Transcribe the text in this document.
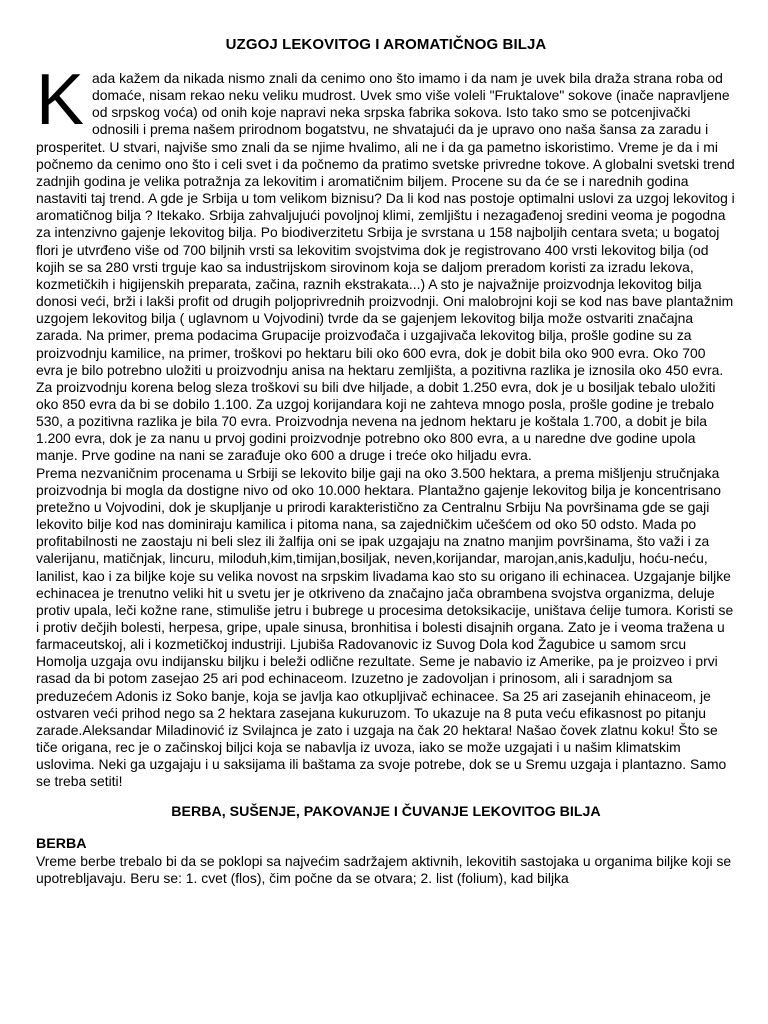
UZGOJ LEKOVITOG I AROMATIČNOG BILJA

Kada kažem da nikada nismo znali da cenimo ono što imamo i da nam je uvek bila draža strana roba od domaće, nisam rekao neku veliku mudrost. Uvek smo više voleli "Fruktalove" sokove (inače napravljene od srpskog voća) od onih koje napravi neka srpska fabrika sokova. Isto tako smo se potcenjivački odnosili i prema našem prirodnom bogatstvu, ne shvatajući da je upravo ono naša šansa za zaradu i prosperitet. U stvari, najviše smo znali da se njime hvalimo, ali ne i da ga pametno iskoristimo. Vreme je da i mi počnemo da cenimo ono što i celi svet i da počnemo da pratimo svetske privredne tokove. A globalni svetski trend zadnjih godina je velika potražnja za lekovitim i aromatičnim biljem. Procene su da će se i narednih godina nastaviti taj trend. A gde je Srbija u tom velikom biznisu? Da li kod nas postoje optimalni uslovi za uzgoj lekovitog i aromatičnog bilja ? Itekako. Srbija zahvaljujući povoljnoj klimi, zemljištu i nezagađenoj sredini veoma je pogodna za intenzivno gajenje lekovitog bilja. Po biodiverzitetu Srbija je svrstana u 158 najboljih centara sveta; u bogatoj flori je utvrđeno više od 700 biljnih vrsti sa lekovitim svojstvima dok je registrovano 400 vrsti lekovitog bilja (od kojih se sa 280 vrsti trguje kao sa industrijskom sirovinom koja se daljom preradom koristi za izradu lekova, kozmetičkih i higijenskih preparata, začina, raznih ekstrakata...) A sto je najvažnije proizvodnja lekovitog bilja donosi veći, brži i lakši profit od drugih poljoprivrednih proizvodnji. Oni malobrojni koji se kod nas bave plantažnim uzgojem lekovitog bilja ( uglavnom u Vojvodini) tvrde da se gajenjem lekovitog bilja može ostvariti značajna zarada. Na primer, prema podacima Grupacije proizvođača i uzgajivača lekovitog bilja, prošle godine su za proizvodnju kamilice, na primer, troškovi po hektaru bili oko 600 evra, dok je dobit bila oko 900 evra. Oko 700 evra je bilo potrebno uložiti u proizvodnju anisa na hektaru zemljišta, a pozitivna razlika je iznosila oko 450 evra. Za proizvodnju korena belog sleza troškovi su bili dve hiljade, a dobit 1.250 evra, dok je u bosiljak tebalo uložiti oko 850 evra da bi se dobilo 1.100. Za uzgoj korijandara koji ne zahteva mnogo posla, prošle godine je trebalo 530, a pozitivna razlika je bila 70 evra. Proizvodnja nevena na jednom hektaru je koštala 1.700, a dobit je bila 1.200 evra, dok je za nanu u prvoj godini proizvodnje potrebno oko 800 evra, a u naredne dve godine upola manje. Prve godine na nani se zarađuje oko 600 a druge i treće oko hiljadu evra.

Prema nezvaničnim procenama u Srbiji se lekovito bilje gaji na oko 3.500 hektara, a prema mišljenju stručnjaka proizvodnja bi mogla da dostigne nivo od oko 10.000 hektara. Plantažno gajenje lekovitog bilja je koncentrisano pretežno u Vojvodini, dok je skupljanje u prirodi karakteristično za Centralnu Srbiju Na površinama gde se gaji lekovito bilje kod nas dominiraju kamilica i pitoma nana, sa zajedničkim učešćem od oko 50 odsto. Mada po profitabilnosti ne zaostaju ni beli slez ili žalfija oni se ipak uzgajaju na znatno manjim površinama, što važi i za valerijanu, matičnjak, lincuru, miloduh,kim,timijan,bosiljak, neven,korijandar, marojan,anis,kadulju, hoću-neću, lanilist, kao i za biljke koje su velika novost na srpskim livadama kao sto su origano ili echinacea. Uzgajanje biljke echinacea je trenutno veliki hit u svetu jer je otkriveno da značajno jača obrambena svojstva organizma, deluje protiv upala, leči kožne rane, stimuliše jetru i bubrege u procesima detoksikacije, uništava ćelije tumora. Koristi se i protiv dečjih bolesti, herpesa, gripe, upale sinusa, bronhitisa i bolesti disajnih organa. Zato je i veoma tražena u farmaceutskoj, ali i kozmetičkoj industriji. Ljubiša Radovanovic iz Suvog Dola kod Žagubice u samom srcu Homolja uzgaja ovu indijansku biljku i beleži odlične rezultate. Seme je nabavio iz Amerike, pa je proizveo i prvi rasad da bi potom zasejao 25 ari pod echinaceom. Izuzetno je zadovoljan i prinosom, ali i saradnjom sa preduzećem Adonis iz Soko banje, koja se javlja kao otkupljivač echinacee. Sa 25 ari zasejanih ehinaceom, je ostvaren veći prihod nego sa 2 hektara zasejana kukuruzom. To ukazuje na 8 puta veću efikasnost po pitanju zarade.Aleksandar Miladinović iz Svilajnca je zato i uzgaja na čak 20 hektara! Našao čovek zlatnu koku! Što se tiče origana, rec je o začinskoj biljci koja se nabavlja iz uvoza, iako se može uzgajati i u našim klimatskim uslovima. Neki ga uzgajaju i u saksijama ili baštama za svoje potrebe, dok se u Sremu uzgaja i plantazno. Samo se treba setiti!

BERBA, SUŠENJE, PAKOVANJE I ČUVANJE LEKOVITOG BILJA
BERBA

Vreme berbe trebalo bi da se poklopi sa najvećim sadržajem aktivnih, lekovitih sastojaka u organima biljke koji se upotrebljavaju. Beru se: 1. cvet (flos), čim počne da se otvara; 2. list (folium), kad biljka
